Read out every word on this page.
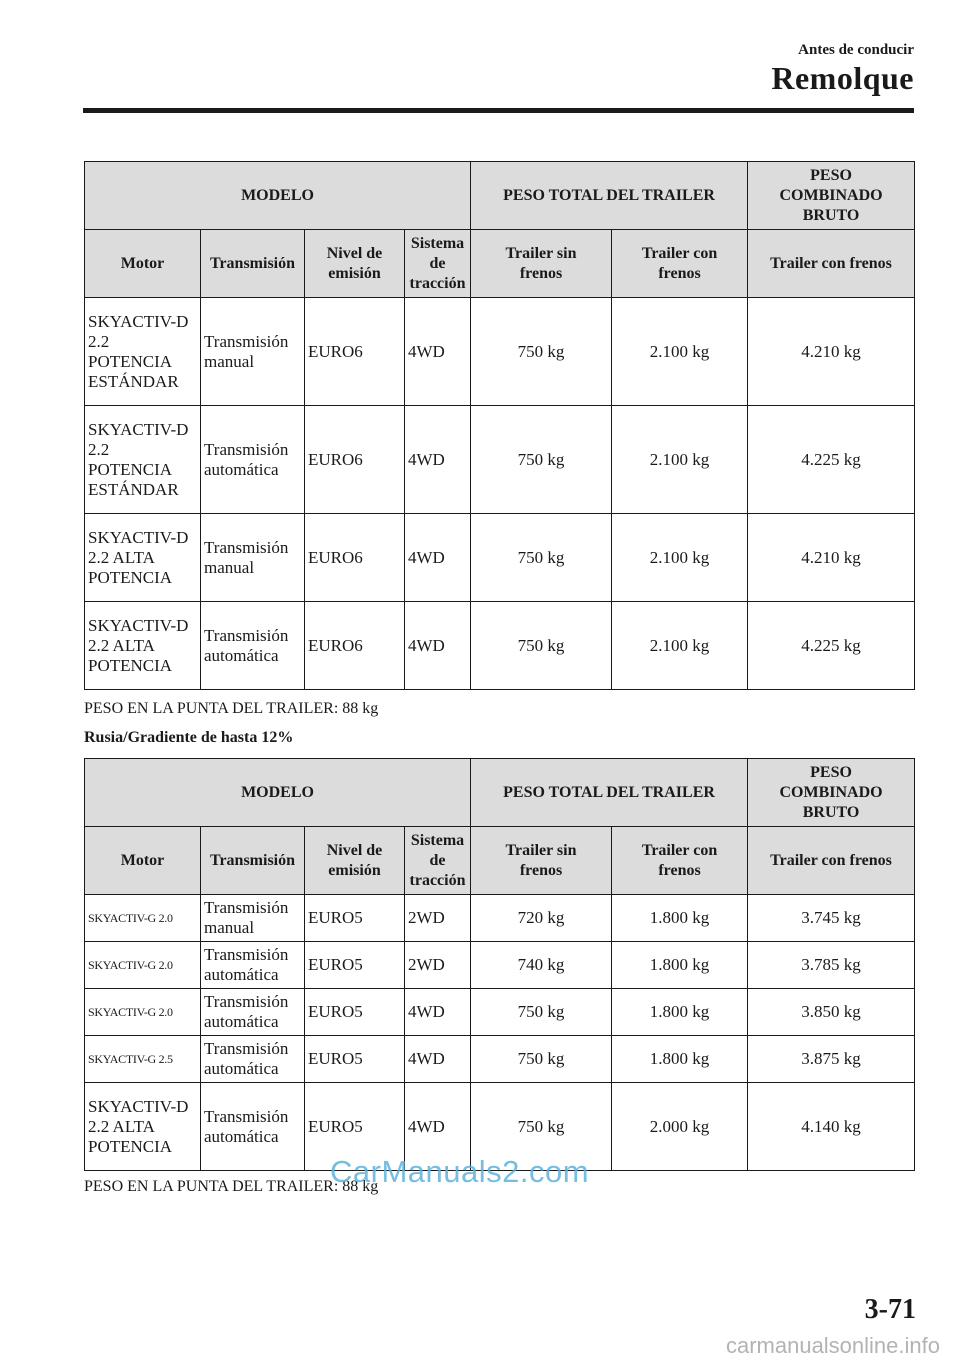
Antes de conducir
Remolque
MODELO				PESO TOTAL DEL TRAILER		PESO COMBINADO BRUTO
Motor	Transmisión	Nivel de emisión	Sistema de tracción	Trailer sin frenos	Trailer con frenos	Trailer con frenos
SKYACTIV-D 2.2 POTENCIA ESTÁNDAR	Transmisión manual	EURO6	4WD	750 kg	2.100 kg	4.210 kg
SKYACTIV-D 2.2 POTENCIA ESTÁNDAR	Transmisión automática	EURO6	4WD	750 kg	2.100 kg	4.225 kg
SKYACTIV-D 2.2 ALTA POTENCIA	Transmisión manual	EURO6	4WD	750 kg	2.100 kg	4.210 kg
SKYACTIV-D 2.2 ALTA POTENCIA	Transmisión automática	EURO6	4WD	750 kg	2.100 kg	4.225 kg
PESO EN LA PUNTA DEL TRAILER: 88 kg
Rusia/Gradiente de hasta 12%
MODELO				PESO TOTAL DEL TRAILER		PESO COMBINADO BRUTO
Motor	Transmisión	Nivel de emisión	Sistema de tracción	Trailer sin frenos	Trailer con frenos	Trailer con frenos
SKYACTIV-G 2.0	Transmisión manual	EURO5	2WD	720 kg	1.800 kg	3.745 kg
SKYACTIV-G 2.0	Transmisión automática	EURO5	2WD	740 kg	1.800 kg	3.785 kg
SKYACTIV-G 2.0	Transmisión automática	EURO5	4WD	750 kg	1.800 kg	3.850 kg
SKYACTIV-G 2.5	Transmisión automática	EURO5	4WD	750 kg	1.800 kg	3.875 kg
SKYACTIV-D 2.2 ALTA POTENCIA	Transmisión automática	EURO5	4WD	750 kg	2.000 kg	4.140 kg
PESO EN LA PUNTA DEL TRAILER: 88 kg
CarManuals2.com
3-71
carmanualsonline.info
